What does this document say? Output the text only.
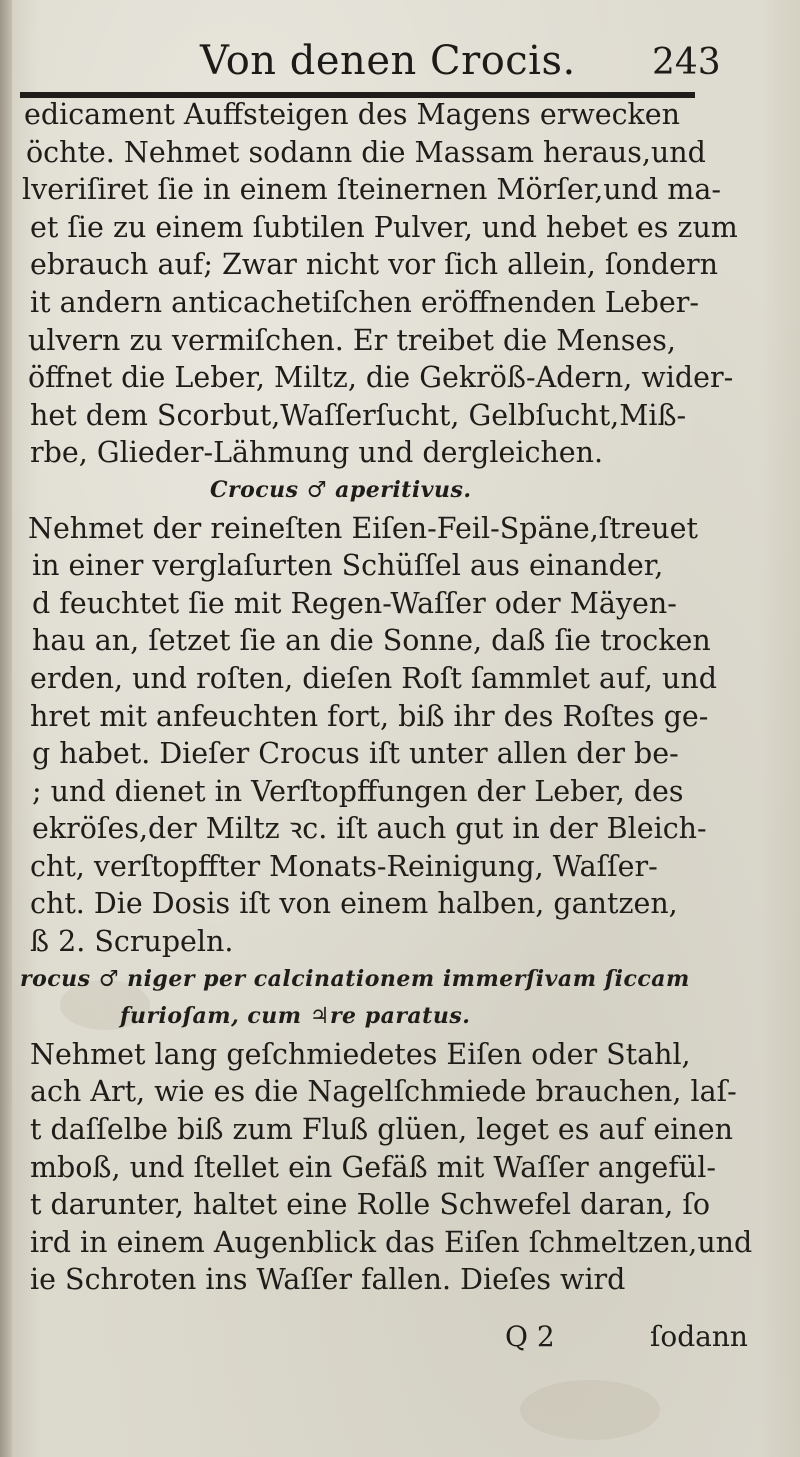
Von denen Crocis. 243
edicament Auffsteigen des Magens erwecken
öchte. Nehmet sodann die Massam heraus,und
lveriſiret ſie in einem ſteinernen Mörſer,und ma-
et ſie zu einem ſubtilen Pulver, und hebet es zum
ebrauch auf; Zwar nicht vor ſich allein, ſondern
it andern anticachetiſchen eröffnenden Leber-
ulvern zu vermiſchen. Er treibet die Menses,
öffnet die Leber, Miltz, die Gekröß-Adern, wider-
het dem Scorbut,Waſſerſucht, Gelbſucht,Miß-
rbe, Glieder-Lähmung und dergleichen.
Crocus ♂ aperitivus.
Nehmet der reineſten Eiſen-Feil-Späne,ſtreuet
in einer verglaſurten Schüſſel aus einander,
d feuchtet ſie mit Regen-Waſſer oder Mäyen-
hau an, ſetzet ſie an die Sonne, daß ſie trocken
erden, und roſten, dieſen Roſt ſammlet auf, und
hret mit anfeuchten fort, biß ihr des Roſtes ge-
g habet. Dieſer Crocus iſt unter allen der be-
; und dienet in Verſtopffungen der Leber, des
ekröſes,der Miltz ꝛc. iſt auch gut in der Bleich-
cht, verſtopffter Monats-Reinigung, Waſſer-
cht. Die Dosis iſt von einem halben, gantzen,
ß 2. Scrupeln.
rocus ♂ niger per calcinationem immerſivam ſiccam
furioſam, cum ♃re paratus.
Nehmet lang geſchmiedetes Eiſen oder Stahl,
ach Art, wie es die Nagelſchmiede brauchen, laſ-
t daſſelbe biß zum Fluß glüen, leget es auf einen
mboß, und ſtellet ein Gefäß mit Waſſer angefül-
t darunter, haltet eine Rolle Schwefel daran, ſo
ird in einem Augenblick das Eiſen ſchmeltzen,und
ie Schroten ins Waſſer fallen. Dieſes wird
Q 2	ſodann
